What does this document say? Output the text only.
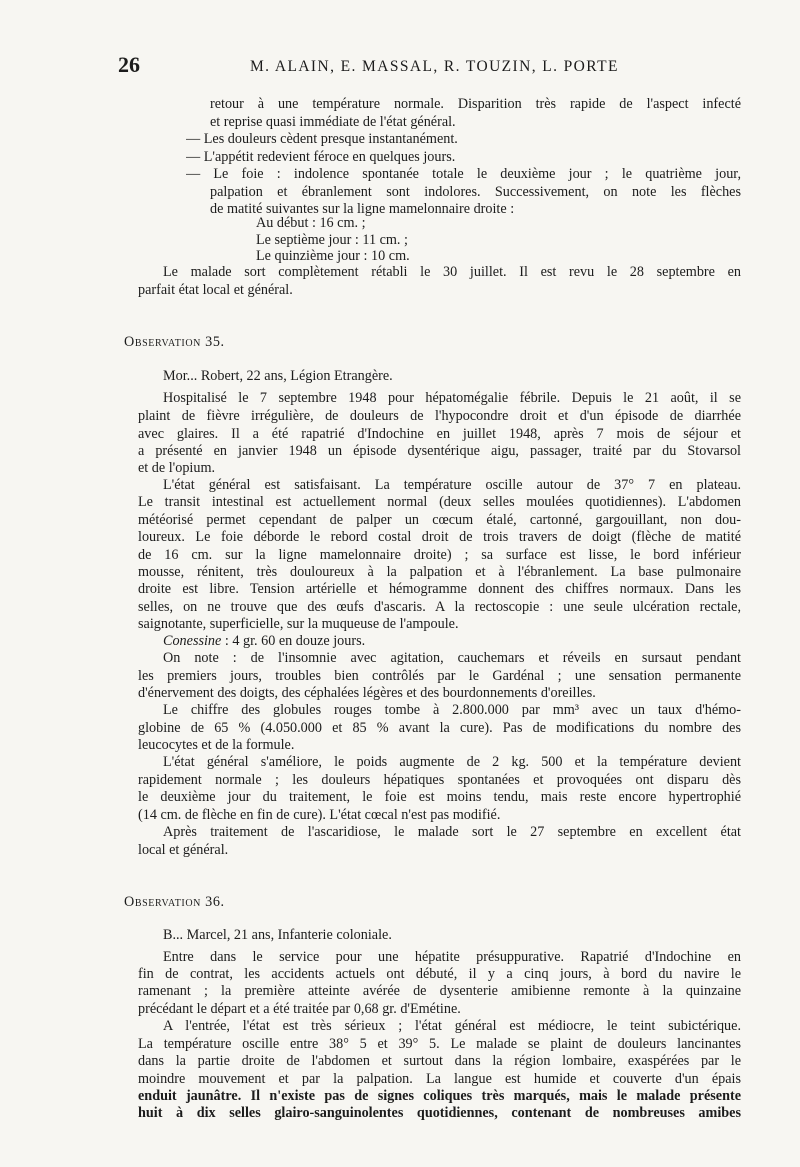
26	M. ALAIN, E. MASSAL, R. TOUZIN, L. PORTE
retour à une température normale. Disparition très rapide de l'aspect infecté
et reprise quasi immédiate de l'état général.
— Les douleurs cèdent presque instantanément.
— L'appétit redevient féroce en quelques jours.
— Le foie : indolence spontanée totale le deuxième jour ; le quatrième jour,
palpation et ébranlement sont indolores. Successivement, on note les flèches
de matité suivantes sur la ligne mamelonnaire droite :
Au début : 16 cm. ;
Le septième jour : 11 cm. ;
Le quinzième jour : 10 cm.
Le malade sort complètement rétabli le 30 juillet. Il est revu le 28 septembre en
parfait état local et général.
Observation 35.
Mor... Robert, 22 ans, Légion Etrangère.
Hospitalisé le 7 septembre 1948 pour hépatomégalie fébrile. Depuis le 21 août, il se
plaint de fièvre irrégulière, de douleurs de l'hypocondre droit et d'un épisode de diarrhée
avec glaires. Il a été rapatrié d'Indochine en juillet 1948, après 7 mois de séjour et
a présenté en janvier 1948 un épisode dysentérique aigu, passager, traité par du Stovarsol
et de l'opium.
L'état général est satisfaisant. La température oscille autour de 37° 7 en plateau.
Le transit intestinal est actuellement normal (deux selles moulées quotidiennes). L'abdomen
météorisé permet cependant de palper un cœcum étalé, cartonné, gargouillant, non dou-
loureux. Le foie déborde le rebord costal droit de trois travers de doigt (flèche de matité
de 16 cm. sur la ligne mamelonnaire droite) ; sa surface est lisse, le bord inférieur
mousse, rénitent, très douloureux à la palpation et à l'ébranlement. La base pulmonaire
droite est libre. Tension artérielle et hémogramme donnent des chiffres normaux. Dans les
selles, on ne trouve que des œufs d'ascaris. A la rectoscopie : une seule ulcération rectale,
saignotante, superficielle, sur la muqueuse de l'ampoule.
Conessine : 4 gr. 60 en douze jours.
On note : de l'insomnie avec agitation, cauchemars et réveils en sursaut pendant
les premiers jours, troubles bien contrôlés par le Gardénal ; une sensation permanente
d'énervement des doigts, des céphalées légères et des bourdonnements d'oreilles.
Le chiffre des globules rouges tombe à 2.800.000 par mm³ avec un taux d'hémo-
globine de 65 % (4.050.000 et 85 % avant la cure). Pas de modifications du nombre des
leucocytes et de la formule.
L'état général s'améliore, le poids augmente de 2 kg. 500 et la température devient
rapidement normale ; les douleurs hépatiques spontanées et provoquées ont disparu dès
le deuxième jour du traitement, le foie est moins tendu, mais reste encore hypertrophié
(14 cm. de flèche en fin de cure). L'état cœcal n'est pas modifié.
Après traitement de l'ascaridiose, le malade sort le 27 septembre en excellent état
local et général.
Observation 36.
B... Marcel, 21 ans, Infanterie coloniale.
Entre dans le service pour une hépatite présuppurative. Rapatrié d'Indochine en
fin de contrat, les accidents actuels ont débuté, il y a cinq jours, à bord du navire le
ramenant ; la première atteinte avérée de dysenterie amibienne remonte à la quinzaine
précédant le départ et a été traitée par 0,68 gr. d'Emétine.
A l'entrée, l'état est très sérieux ; l'état général est médiocre, le teint subictérique.
La température oscille entre 38° 5 et 39° 5. Le malade se plaint de douleurs lancinantes
dans la partie droite de l'abdomen et surtout dans la région lombaire, exaspérées par le
moindre mouvement et par la palpation. La langue est humide et couverte d'un épais
enduit jaunâtre. Il n'existe pas de signes coliques très marqués, mais le malade présente
huit à dix selles glairo-sanguinolentes quotidiennes, contenant de nombreuses amibes
